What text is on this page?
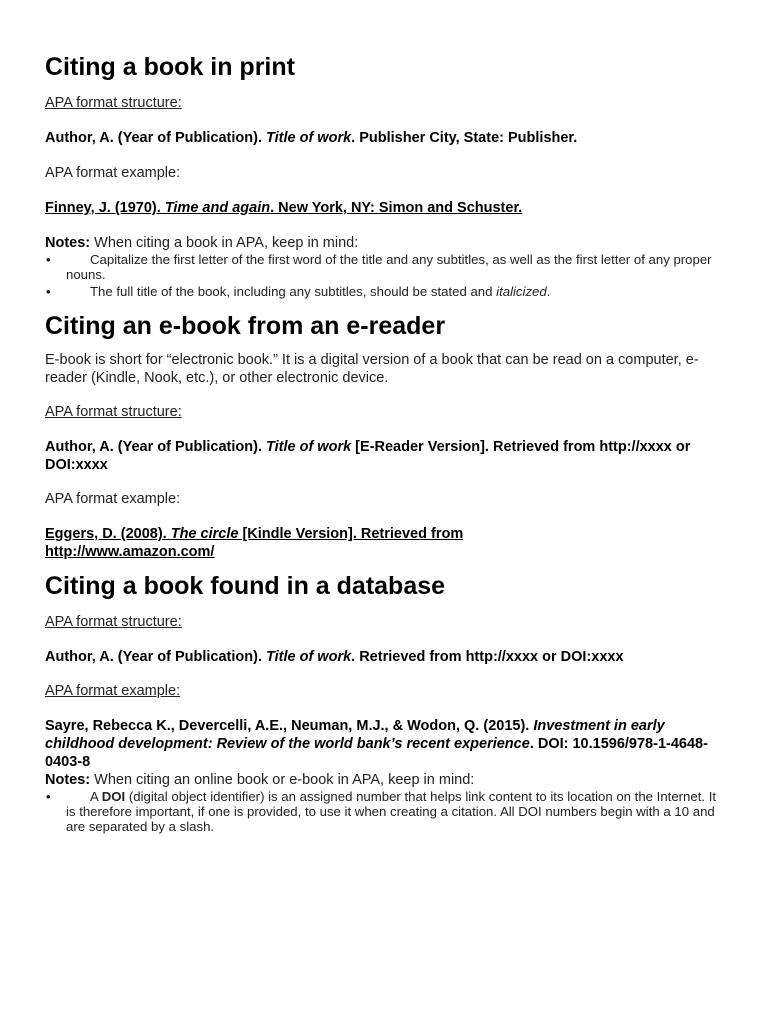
Citing a book in print

APA format structure:

Author, A. (Year of Publication). Title of work. Publisher City, State: Publisher.

APA format example:

Finney, J. (1970). Time and again. New York, NY: Simon and Schuster.

Notes: When citing a book in APA, keep in mind:

• Capitalize the first letter of the first word of the title and any subtitles, as well as the first letter of any proper nouns.
• The full title of the book, including any subtitles, should be stated and italicized.
Citing an e-book from an e-reader

E-book is short for “electronic book.” It is a digital version of a book that can be read on a computer, e-reader (Kindle, Nook, etc.), or other electronic device.

APA format structure:

Author, A. (Year of Publication). Title of work [E-Reader Version]. Retrieved from http://xxxx or DOI:xxxx

APA format example:

Eggers, D. (2008). The circle [Kindle Version]. Retrieved from
http://www.amazon.com/

Citing a book found in a database

APA format structure:

Author, A. (Year of Publication). Title of work. Retrieved from http://xxxx or DOI:xxxx

APA format example:

Sayre, Rebecca K., Devercelli, A.E., Neuman, M.J., & Wodon, Q. (2015). Investment in early childhood development: Review of the world bank’s recent experience. DOI: 10.1596/978-1-4648-0403-8

Notes: When citing an online book or e-book in APA, keep in mind:

• A DOI (digital object identifier) is an assigned number that helps link content to its location on the Internet. It is therefore important, if one is provided, to use it when creating a citation. All DOI numbers begin with a 10 and are separated by a slash.
